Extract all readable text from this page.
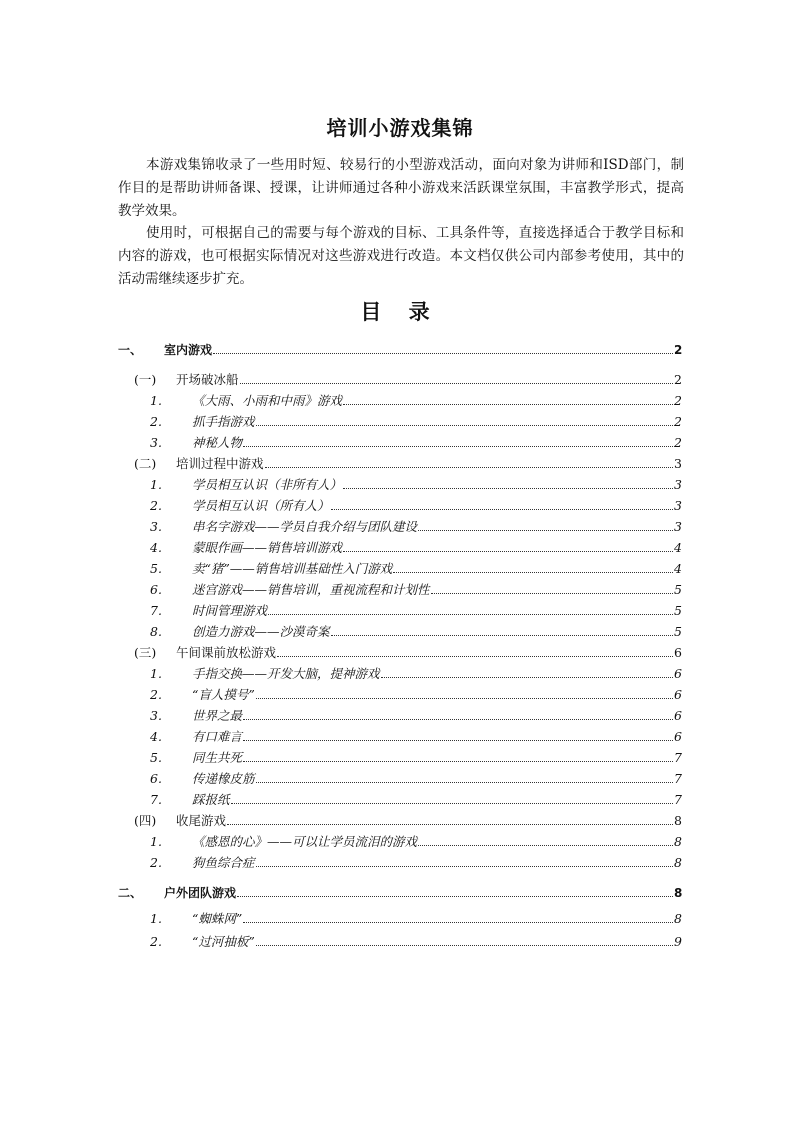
培训小游戏集锦
本游戏集锦收录了一些用时短、较易行的小型游戏活动，面向对象为讲师和ISD部门，制作目的是帮助讲师备课、授课，让讲师通过各种小游戏来活跃课堂氛围，丰富教学形式，提高教学效果。
使用时，可根据自己的需要与每个游戏的目标、工具条件等，直接选择适合于教学目标和内容的游戏，也可根据实际情况对这些游戏进行改造。本文档仅供公司内部参考使用，其中的活动需继续逐步扩充。
目 录
一、	室内游戏	2
(一)	开场破冰船	2
1.	《大雨、小雨和中雨》游戏	2
2.	抓手指游戏	2
3.	神秘人物	2
(二)	培训过程中游戏	3
1.	学员相互认识（非所有人）	3
2.	学员相互认识（所有人）	3
3.	串名字游戏——学员自我介绍与团队建设	3
4.	蒙眼作画——销售培训游戏	4
5.	卖“猪”——销售培训基础性入门游戏	4
6.	迷宫游戏——销售培训，重视流程和计划性	5
7.	时间管理游戏	5
8.	创造力游戏——沙漠奇案	5
(三)	午间课前放松游戏	6
1.	手指交换——开发大脑，提神游戏	6
2.	“盲人摸号”	6
3.	世界之最	6
4.	有口难言	6
5.	同生共死	7
6.	传递橡皮筋	7
7.	踩报纸	7
(四)	收尾游戏	8
1.	《感恩的心》——可以让学员流泪的游戏	8
2.	狗鱼综合症	8
二、	户外团队游戏	8
1.	“蜘蛛网”	8
2.	“过河抽板”	9
